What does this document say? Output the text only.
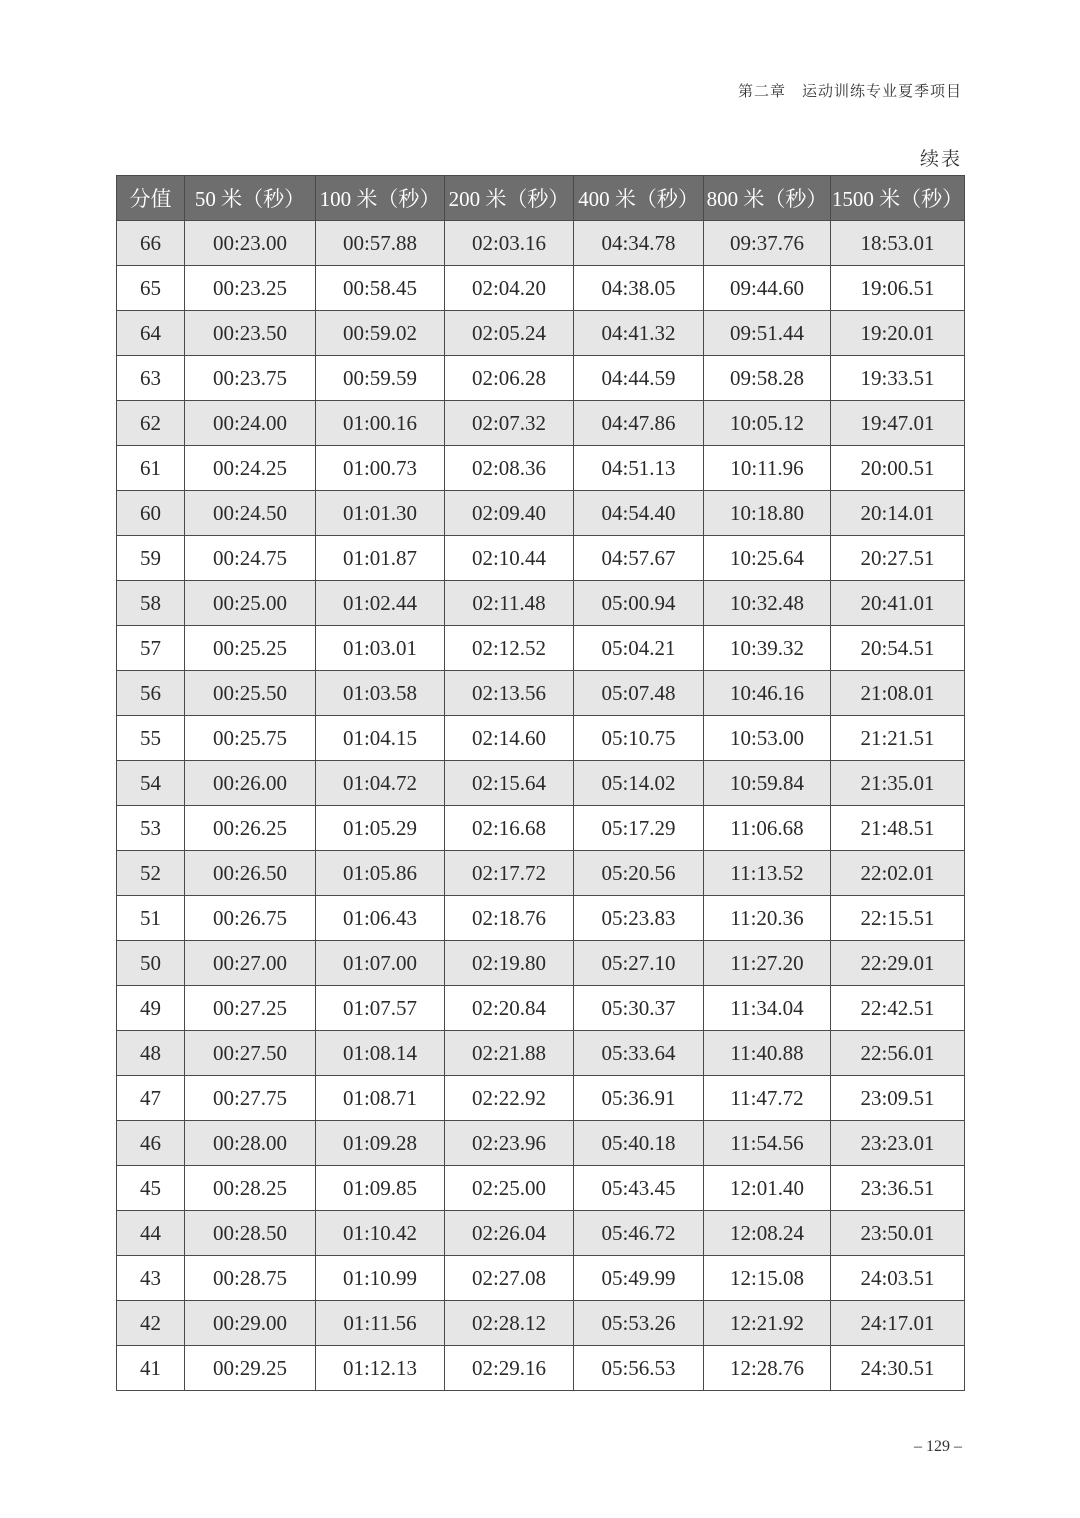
第二章　运动训练专业夏季项目
续表
分值	50 米（秒）	100 米（秒）	200 米（秒）	400 米（秒）	800 米（秒）	1500 米（秒）
66	00:23.00	00:57.88	02:03.16	04:34.78	09:37.76	18:53.01
65	00:23.25	00:58.45	02:04.20	04:38.05	09:44.60	19:06.51
64	00:23.50	00:59.02	02:05.24	04:41.32	09:51.44	19:20.01
63	00:23.75	00:59.59	02:06.28	04:44.59	09:58.28	19:33.51
62	00:24.00	01:00.16	02:07.32	04:47.86	10:05.12	19:47.01
61	00:24.25	01:00.73	02:08.36	04:51.13	10:11.96	20:00.51
60	00:24.50	01:01.30	02:09.40	04:54.40	10:18.80	20:14.01
59	00:24.75	01:01.87	02:10.44	04:57.67	10:25.64	20:27.51
58	00:25.00	01:02.44	02:11.48	05:00.94	10:32.48	20:41.01
57	00:25.25	01:03.01	02:12.52	05:04.21	10:39.32	20:54.51
56	00:25.50	01:03.58	02:13.56	05:07.48	10:46.16	21:08.01
55	00:25.75	01:04.15	02:14.60	05:10.75	10:53.00	21:21.51
54	00:26.00	01:04.72	02:15.64	05:14.02	10:59.84	21:35.01
53	00:26.25	01:05.29	02:16.68	05:17.29	11:06.68	21:48.51
52	00:26.50	01:05.86	02:17.72	05:20.56	11:13.52	22:02.01
51	00:26.75	01:06.43	02:18.76	05:23.83	11:20.36	22:15.51
50	00:27.00	01:07.00	02:19.80	05:27.10	11:27.20	22:29.01
49	00:27.25	01:07.57	02:20.84	05:30.37	11:34.04	22:42.51
48	00:27.50	01:08.14	02:21.88	05:33.64	11:40.88	22:56.01
47	00:27.75	01:08.71	02:22.92	05:36.91	11:47.72	23:09.51
46	00:28.00	01:09.28	02:23.96	05:40.18	11:54.56	23:23.01
45	00:28.25	01:09.85	02:25.00	05:43.45	12:01.40	23:36.51
44	00:28.50	01:10.42	02:26.04	05:46.72	12:08.24	23:50.01
43	00:28.75	01:10.99	02:27.08	05:49.99	12:15.08	24:03.51
42	00:29.00	01:11.56	02:28.12	05:53.26	12:21.92	24:17.01
41	00:29.25	01:12.13	02:29.16	05:56.53	12:28.76	24:30.51
– 129 –
